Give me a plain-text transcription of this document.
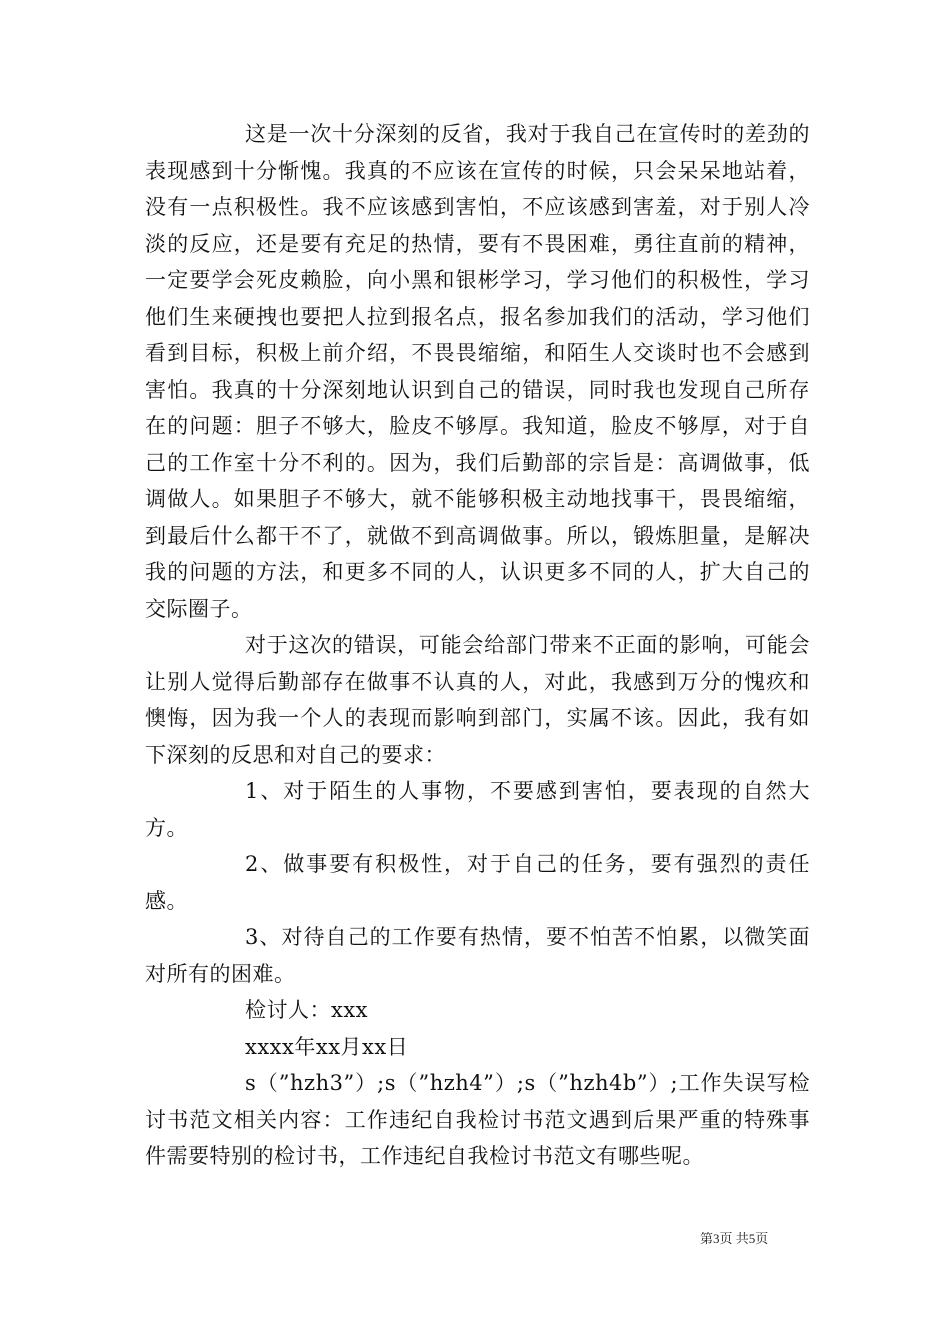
这是一次十分深刻的反省，我对于我自己在宣传时的差劲的表现感到十分惭愧。我真的不应该在宣传的时候，只会呆呆地站着，没有一点积极性。我不应该感到害怕，不应该感到害羞，对于别人冷淡的反应，还是要有充足的热情，要有不畏困难，勇往直前的精神，一定要学会死皮赖脸，向小黑和银彬学习，学习他们的积极性，学习他们生来硬拽也要把人拉到报名点，报名参加我们的活动，学习他们看到目标，积极上前介绍，不畏畏缩缩，和陌生人交谈时也不会感到害怕。我真的十分深刻地认识到自己的错误，同时我也发现自己所存在的问题：胆子不够大，脸皮不够厚。我知道，脸皮不够厚，对于自己的工作室十分不利的。因为，我们后勤部的宗旨是：高调做事，低调做人。如果胆子不够大，就不能够积极主动地找事干，畏畏缩缩，到最后什么都干不了，就做不到高调做事。所以，锻炼胆量，是解决我的问题的方法，和更多不同的人，认识更多不同的人，扩大自己的交际圈子。

对于这次的错误，可能会给部门带来不正面的影响，可能会让别人觉得后勤部存在做事不认真的人，对此，我感到万分的愧疚和懊悔，因为我一个人的表现而影响到部门，实属不该。因此，我有如下深刻的反思和对自己的要求：

1、对于陌生的人事物，不要感到害怕，要表现的自然大方。

2、做事要有积极性，对于自己的任务，要有强烈的责任感。

3、对待自己的工作要有热情，要不怕苦不怕累，以微笑面对所有的困难。

检讨人：xxx

xxxx年xx月xx日

s（”hzh3”）;s（”hzh4”）;s（”hzh4b”）;工作失误写检讨书范文相关内容：工作违纪自我检讨书范文遇到后果严重的特殊事件需要特别的检讨书，工作违纪自我检讨书范文有哪些呢。

第3页 共5页
